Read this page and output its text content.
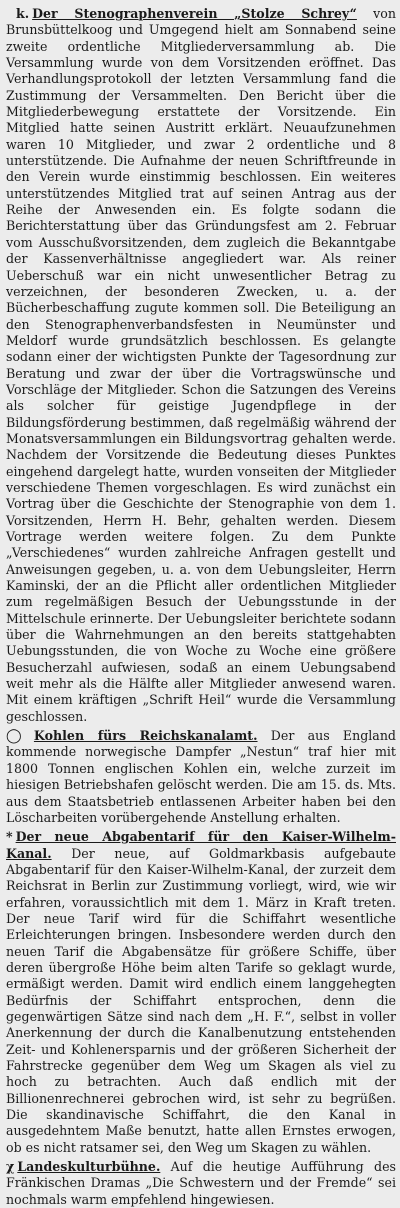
k. Der Stenographenverein „Stolze Schrey“ von Brunsbüttelkoog und Umgegend hielt am Sonnabend seine zweite ordentliche Mitgliederversammlung ab. Die Versammlung wurde von dem Vorsitzenden eröffnet. Das Verhandlungsprotokoll der letzten Versammlung fand die Zustimmung der Versammelten. Den Bericht über die Mitgliederbewegung erstattete der Vorsitzende. Ein Mitglied hatte seinen Austritt erklärt. Neuaufzunehmen waren 10 Mitglieder, und zwar 2 ordentliche und 8 unterstützende. Die Aufnahme der neuen Schriftfreunde in den Verein wurde einstimmig beschlossen. Ein weiteres unterstützendes Mitglied trat auf seinen Antrag aus der Reihe der Anwesenden ein. Es folgte sodann die Berichterstattung über das Gründungsfest am 2. Februar vom Ausschußvorsitzenden, dem zugleich die Bekanntgabe der Kassenverhältnisse angegliedert war. Als reiner Ueberschuß war ein nicht unwesentlicher Betrag zu verzeichnen, der besonderen Zwecken, u. a. der Bücherbeschaffung zugute kommen soll. Die Beteiligung an den Stenographenverbandsfesten in Neumünster und Meldorf wurde grundsätzlich beschlossen. Es gelangte sodann einer der wichtigsten Punkte der Tagesordnung zur Beratung und zwar der über die Vortragswünsche und Vorschläge der Mitglieder. Schon die Satzungen des Vereins als solcher für geistige Jugendpflege in der Bildungsförderung bestimmen, daß regelmäßig während der Monatsversammlungen ein Bildungsvortrag gehalten werde. Nachdem der Vorsitzende die Bedeutung dieses Punktes eingehend dargelegt hatte, wurden vonseiten der Mitglieder verschiedene Themen vorgeschlagen. Es wird zunächst ein Vortrag über die Geschichte der Stenographie von dem 1. Vorsitzenden, Herrn H. Behr, gehalten werden. Diesem Vortrage werden weitere folgen. Zu dem Punkte „Verschiedenes“ wurden zahlreiche Anfragen gestellt und Anweisungen gegeben, u. a. von dem Uebungsleiter, Herrn Kaminski, der an die Pflicht aller ordentlichen Mitglieder zum regelmäßigen Besuch der Uebungsstunde in der Mittelschule erinnerte. Der Uebungsleiter berichtete sodann über die Wahrnehmungen an den bereits stattgehabten Uebungsstunden, die von Woche zu Woche eine größere Besucherzahl aufwiesen, sodaß an einem Uebungsabend weit mehr als die Hälfte aller Mitglieder anwesend waren. Mit einem kräftigen „Schrift Heil“ wurde die Versammlung geschlossen.

◯ Kohlen fürs Reichskanalamt. Der aus England kommende norwegische Dampfer „Nestun“ traf hier mit 1800 Tonnen englischen Kohlen ein, welche zurzeit im hiesigen Betriebshafen gelöscht werden. Die am 15. ds. Mts. aus dem Staatsbetrieb entlassenen Arbeiter haben bei den Löscharbeiten vorübergehende Anstellung erhalten.

* Der neue Abgabentarif für den Kaiser-Wilhelm-Kanal. Der neue, auf Goldmarkbasis aufgebaute Abgabentarif für den Kaiser-Wilhelm-Kanal, der zurzeit dem Reichsrat in Berlin zur Zustimmung vorliegt, wird, wie wir erfahren, voraussichtlich mit dem 1. März in Kraft treten. Der neue Tarif wird für die Schiffahrt wesentliche Erleichterungen bringen. Insbesondere werden durch den neuen Tarif die Abgabensätze für größere Schiffe, über deren übergroße Höhe beim alten Tarife so geklagt wurde, ermäßigt werden. Damit wird endlich einem langgehegten Bedürfnis der Schiffahrt entsprochen, denn die gegenwärtigen Sätze sind nach dem „H. F.“, selbst in voller Anerkennung der durch die Kanalbenutzung entstehenden Zeit- und Kohlenersparnis und der größeren Sicherheit der Fahrstrecke gegenüber dem Weg um Skagen als viel zu hoch zu betrachten. Auch daß endlich mit der Billionenrechnerei gebrochen wird, ist sehr zu begrüßen. Die skandinavische Schiffahrt, die den Kanal in ausgedehntem Maße benutzt, hatte allen Ernstes erwogen, ob es nicht ratsamer sei, den Weg um Skagen zu wählen.

χ Landeskulturbühne. Auf die heutige Aufführung des Fränkischen Dramas „Die Schwestern und der Fremde“ sei nochmals warm empfehlend hingewiesen.
